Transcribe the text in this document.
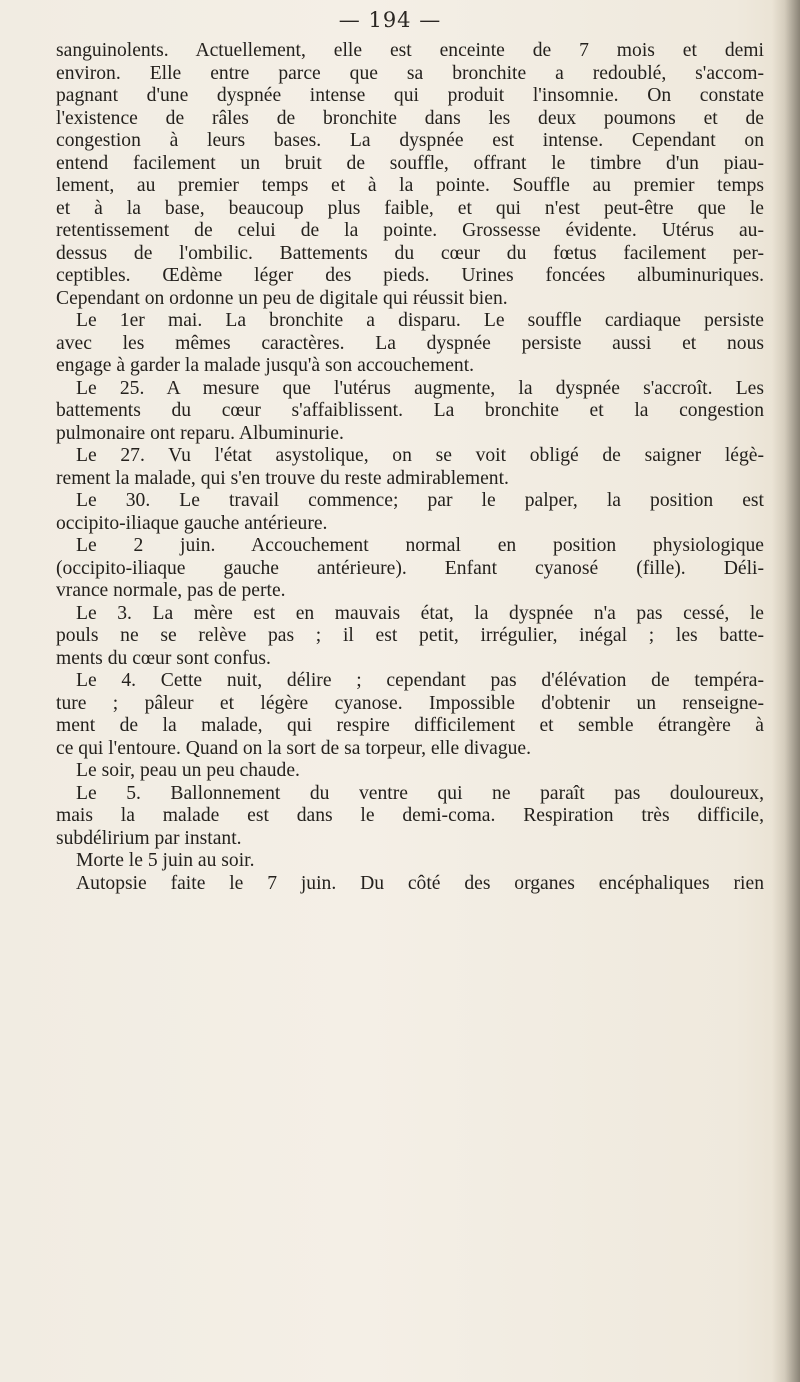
— 194 —
sanguinolents. Actuellement, elle est enceinte de 7 mois et demi
environ. Elle entre parce que sa bronchite a redoublé, s'accom-
pagnant d'une dyspnée intense qui produit l'insomnie. On constate
l'existence de râles de bronchite dans les deux poumons et de
congestion à leurs bases. La dyspnée est intense. Cependant on
entend facilement un bruit de souffle, offrant le timbre d'un piau-
lement, au premier temps et à la pointe. Souffle au premier temps
et à la base, beaucoup plus faible, et qui n'est peut-être que le
retentissement de celui de la pointe. Grossesse évidente. Utérus au-
dessus de l'ombilic. Battements du cœur du fœtus facilement per-
ceptibles. Œdème léger des pieds. Urines foncées albuminuriques.
Cependant on ordonne un peu de digitale qui réussit bien.
Le 1er mai. La bronchite a disparu. Le souffle cardiaque persiste
avec les mêmes caractères. La dyspnée persiste aussi et nous
engage à garder la malade jusqu'à son accouchement.
Le 25. A mesure que l'utérus augmente, la dyspnée s'accroît. Les
battements du cœur s'affaiblissent. La bronchite et la congestion
pulmonaire ont reparu. Albuminurie.
Le 27. Vu l'état asystolique, on se voit obligé de saigner légè-
rement la malade, qui s'en trouve du reste admirablement.
Le 30. Le travail commence; par le palper, la position est
occipito-iliaque gauche antérieure.
Le 2 juin. Accouchement normal en position physiologique
(occipito-iliaque gauche antérieure). Enfant cyanosé (fille). Déli-
vrance normale, pas de perte.
Le 3. La mère est en mauvais état, la dyspnée n'a pas cessé, le
pouls ne se relève pas ; il est petit, irrégulier, inégal ; les batte-
ments du cœur sont confus.
Le 4. Cette nuit, délire ; cependant pas d'élévation de tempéra-
ture ; pâleur et légère cyanose. Impossible d'obtenir un renseigne-
ment de la malade, qui respire difficilement et semble étrangère à
ce qui l'entoure. Quand on la sort de sa torpeur, elle divague.
Le soir, peau un peu chaude.
Le 5. Ballonnement du ventre qui ne paraît pas douloureux,
mais la malade est dans le demi-coma. Respiration très difficile,
subdélirium par instant.
Morte le 5 juin au soir.
Autopsie faite le 7 juin. Du côté des organes encéphaliques rien
